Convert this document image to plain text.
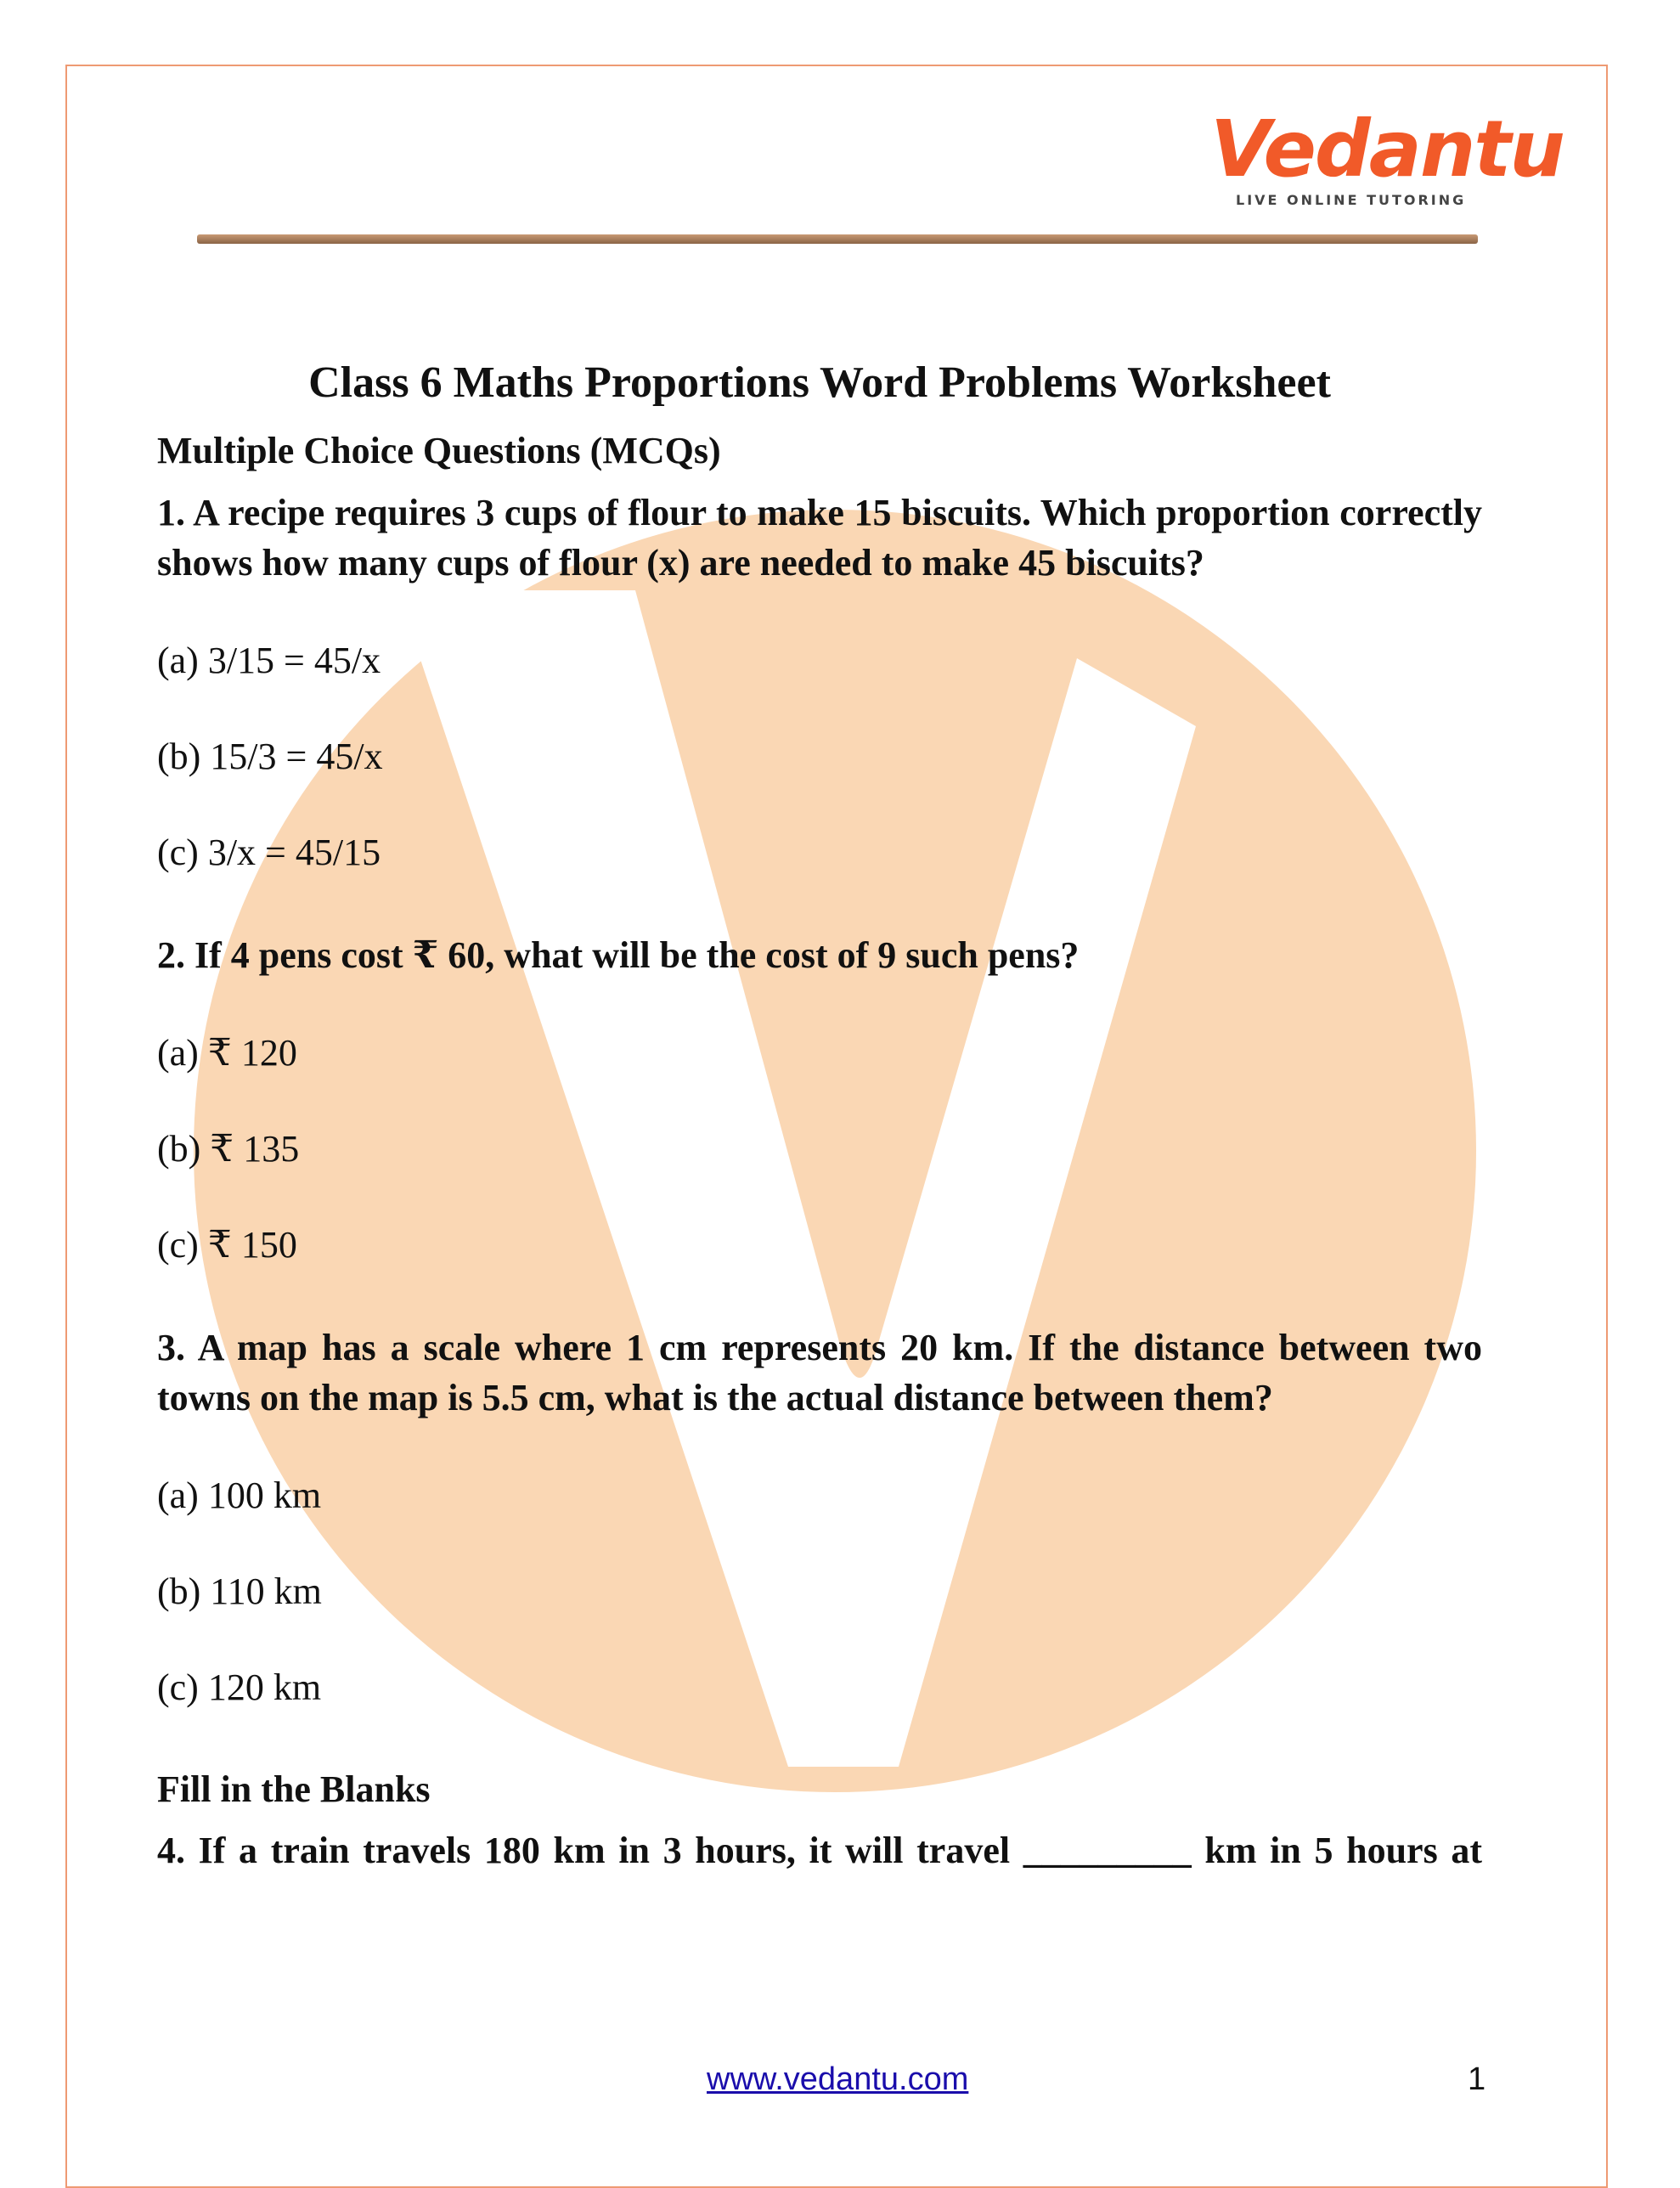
Vedantu
LIVE ONLINE TUTORING
Class 6 Maths Proportions Word Problems Worksheet
Multiple Choice Questions (MCQs)
1. A recipe requires 3 cups of flour to make 15 biscuits. Which proportion correctly shows how many cups of flour (x) are needed to make 45 biscuits?
(a) 3/15 = 45/x
(b) 15/3 = 45/x
(c) 3/x = 45/15
2. If 4 pens cost ₹ 60, what will be the cost of 9 such pens?
(a) ₹ 120
(b) ₹ 135
(c) ₹ 150
3. A map has a scale where 1 cm represents 20 km. If the distance between two towns on the map is 5.5 cm, what is the actual distance between them?
(a) 100 km
(b) 110 km
(c) 120 km
Fill in the Blanks
4. If a train travels 180 km in 3 hours, it will travel _________ km in 5 hours at
www.vedantu.com	1
